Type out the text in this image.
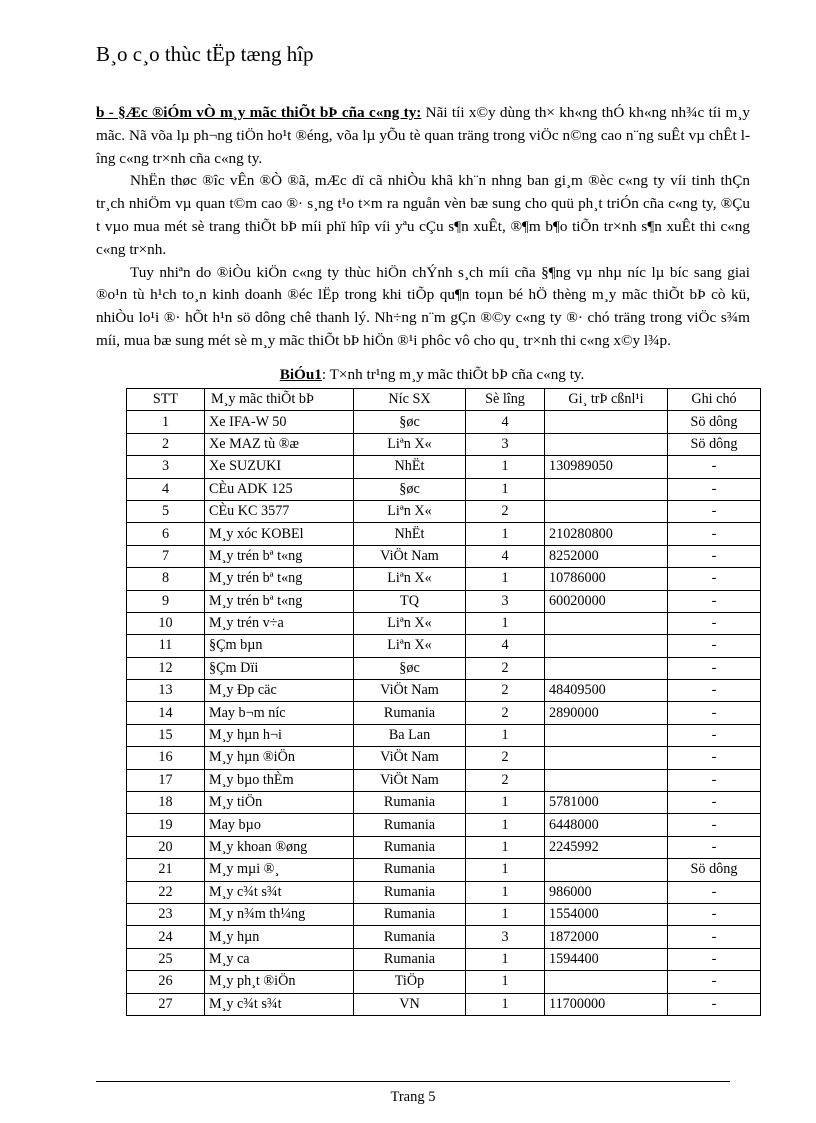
B¸o c¸o thùc tËp tæng hîp

b - §Æc ®iÓm vÒ m¸y mãc thiÕt bÞ cña c«ng ty: Nãi tíi x©y dùng th× kh«ng thÓ kh«ng nh¾c tíi m¸y mãc. Nã võa lµ ph¬ng tiÖn ho¹t ®éng, võa lµ yÕu tè quan träng trong viÖc n©ng cao n¨ng suÊt vµ chÊt lîng c«ng tr×nh cña c«ng ty.

NhËn thøc ®îc vÊn ®Ò ®ã, mÆc dï cã nhiÒu khã kh¨n nhng ban gi¸m ®èc c«ng ty víi tinh thÇn tr¸ch nhiÖm vµ quan t©m cao ®· s¸ng t¹o t×m ra nguån vèn bæ sung cho quü ph¸t triÓn cña c«ng ty, ®Çu t vµo mua mét sè trang thiÕt bÞ míi phï hîp víi yªu cÇu s¶n xuÊt, ®¶m b¶o tiÕn tr×nh s¶n xuÊt thi c«ng c«ng tr×nh.

Tuy nhiªn do ®iÒu kiÖn c«ng ty thùc hiÖn chÝnh s¸ch míi cña §¶ng vµ nhµ níc lµ bíc sang giai ®o¹n tù h¹ch to¸n kinh doanh ®éc lËp trong khi tiÕp qu¶n toµn bé hÖ thèng m¸y mãc thiÕt bÞ cò kü, nhiÒu lo¹i ®· hÕt h¹n sö dông chê thanh lý. Nh÷ng n¨m gÇn ®©y c«ng ty ®· chó träng trong viÖc s¾m míi, mua bæ sung mét sè m¸y mãc thiÕt bÞ hiÖn ®¹i phôc vô cho qu¸ tr×nh thi c«ng x©y l¾p.

BiÓu1: T×nh tr¹ng m¸y mãc thiÕt bÞ cña c«ng ty.
STT	M¸y mãc thiÕt bÞ	Níc SX	Sè lîng	Gi¸ trÞ cßnl¹i	Ghi chó
1	Xe IFA-W 50	§øc	4		Sö dông
2	Xe MAZ tù ®æ	Liªn X«	3		Sö dông
3	Xe SUZUKI	NhËt	1	130989050	-
4	CÈu ADK 125	§øc	1		-
5	CÈu KC 3577	Liªn X«	2		-
6	M¸y xóc KOBEl	NhËt	1	210280800	-
7	M¸y trén bª t«ng	ViÖt Nam	4	8252000	-
8	M¸y trén bª t«ng	Liªn X«	1	10786000	-
9	M¸y trén bª t«ng	TQ	3	60020000	-
10	M¸y trén v÷a	Liªn X«	1		-
11	§Çm bµn	Liªn X«	4		-
12	§Çm Dïi	§øc	2		-
13	M¸y Ðp cäc	ViÖt Nam	2	48409500	-
14	May b¬m níc	Rumania	2	2890000	-
15	M¸y hµn h¬i	Ba Lan	1		-
16	M¸y hµn ®iÖn	ViÖt Nam	2		-
17	M¸y bµo thÈm	ViÖt Nam	2		-
18	M¸y tiÖn	Rumania	1	5781000	-
19	May bµo	Rumania	1	6448000	-
20	M¸y khoan ®øng	Rumania	1	2245992	-
21	M¸y mµi ®¸	Rumania	1		Sö dông
22	M¸y c¾t s¾t	Rumania	1	986000	-
23	M¸y n¾m th¼ng	Rumania	1	1554000	-
24	M¸y hµn	Rumania	3	1872000	-
25	M¸y ca	Rumania	1	1594400	-
26	M¸y ph¸t ®iÖn	TiÖp	1		-
27	M¸y c¾t s¾t	VN	1	11700000	-
Trang 5
